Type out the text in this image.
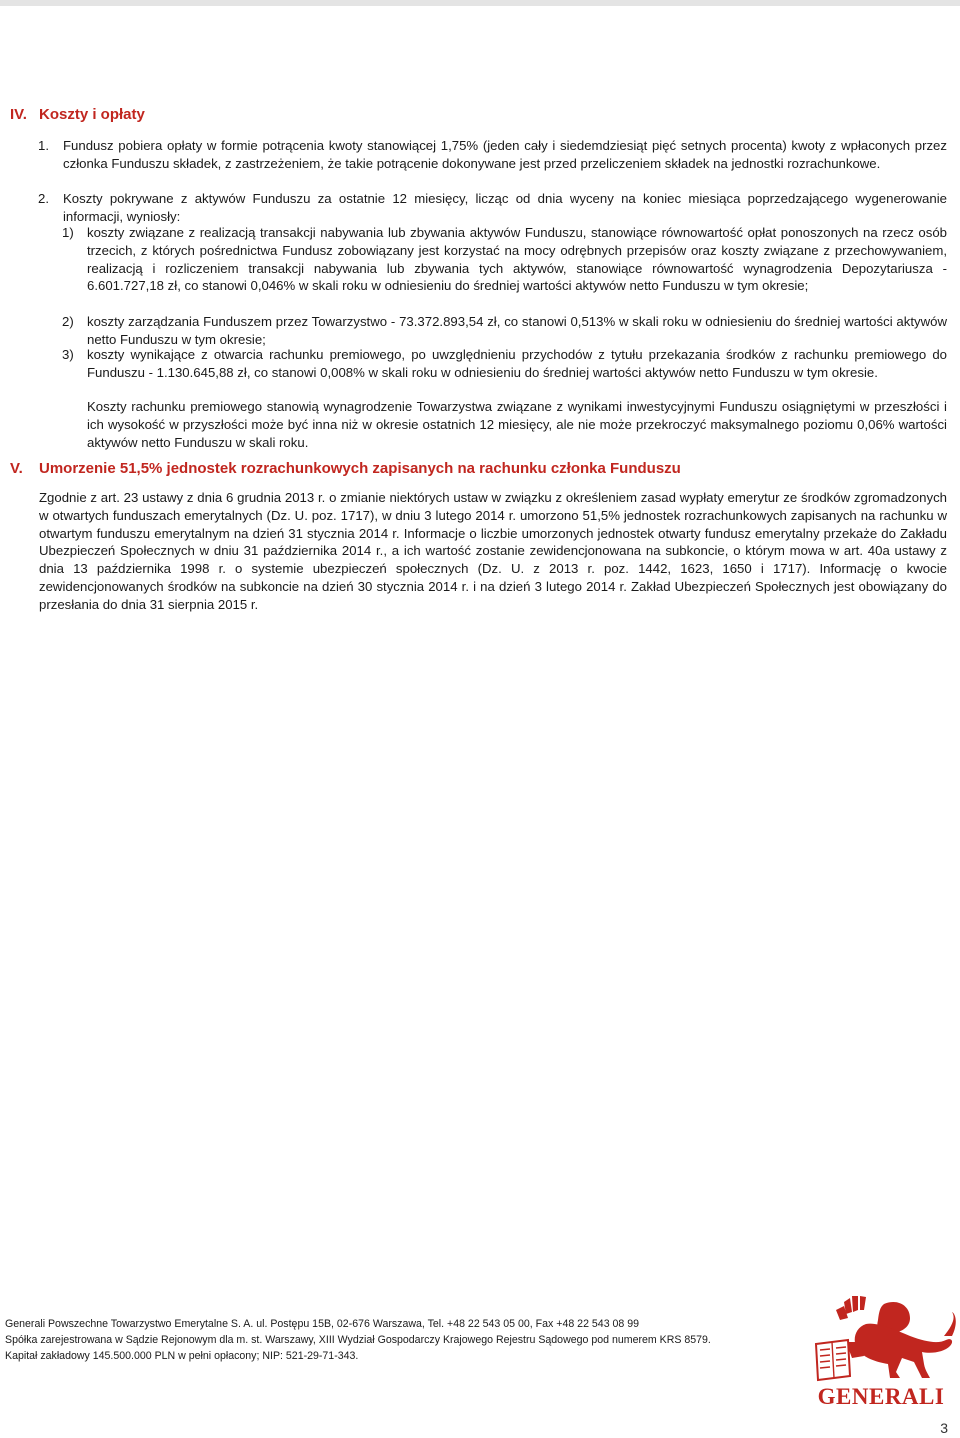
IV. Koszty i opłaty
1. Fundusz pobiera opłaty w formie potrącenia kwoty stanowiącej 1,75% (jeden cały i siedemdziesiąt pięć setnych procenta) kwoty z wpłaconych przez członka Funduszu składek, z zastrzeżeniem, że takie potrącenie dokonywane jest przed przeliczeniem składek na jednostki rozrachunkowe.
2. Koszty pokrywane z aktywów Funduszu za ostatnie 12 miesięcy, licząc od dnia wyceny na koniec miesiąca poprzedzającego wygenerowanie informacji, wyniosły:
1) koszty związane z realizacją transakcji nabywania lub zbywania aktywów Funduszu, stanowiące równowartość opłat ponoszonych na rzecz osób trzecich, z których pośrednictwa Fundusz zobowiązany jest korzystać na mocy odrębnych przepisów oraz koszty związane z przechowywaniem, realizacją i rozliczeniem transakcji nabywania lub zbywania tych aktywów, stanowiące równowartość wynagrodzenia Depozytariusza - 6.601.727,18 zł, co stanowi 0,046% w skali roku w odniesieniu do średniej wartości aktywów netto Funduszu w tym okresie;
2) koszty zarządzania Funduszem przez Towarzystwo - 73.372.893,54 zł, co stanowi 0,513% w skali roku w odniesieniu do średniej wartości aktywów netto Funduszu w tym okresie;
3) koszty wynikające z otwarcia rachunku premiowego, po uwzględnieniu przychodów z tytułu przekazania środków z rachunku premiowego do Funduszu - 1.130.645,88 zł, co stanowi 0,008% w skali roku w odniesieniu do średniej wartości aktywów netto Funduszu w tym okresie.

Koszty rachunku premiowego stanowią wynagrodzenie Towarzystwa związane z wynikami inwestycyjnymi Funduszu osiągniętymi w przeszłości i ich wysokość w przyszłości może być inna niż w okresie ostatnich 12 miesięcy, ale nie może przekroczyć maksymalnego poziomu 0,06% wartości aktywów netto Funduszu w skali roku.

V. Umorzenie 51,5% jednostek rozrachunkowych zapisanych na rachunku członka Funduszu

Zgodnie z art. 23 ustawy z dnia 6 grudnia 2013 r. o zmianie niektórych ustaw w związku z określeniem zasad wypłaty emerytur ze środków zgromadzonych w otwartych funduszach emerytalnych (Dz. U. poz. 1717), w dniu 3 lutego 2014 r. umorzono 51,5% jednostek rozrachunkowych zapisanych na rachunku w otwartym funduszu emerytalnym na dzień 31 stycznia 2014 r. Informacje o liczbie umorzonych jednostek otwarty fundusz emerytalny przekaże do Zakładu Ubezpieczeń Społecznych w dniu 31 października 2014 r., a ich wartość zostanie zewidencjonowana na subkoncie, o którym mowa w art. 40a ustawy z dnia 13 października 1998 r. o systemie ubezpieczeń społecznych (Dz. U. z 2013 r. poz. 1442, 1623, 1650 i 1717). Informację o kwocie zewidencjonowanych środków na subkoncie na dzień 30 stycznia 2014 r. i na dzień 3 lutego 2014 r. Zakład Ubezpieczeń Społecznych jest obowiązany do przesłania do dnia 31 sierpnia 2015 r.

Generali Powszechne Towarzystwo Emerytalne S. A. ul. Postępu 15B, 02-676 Warszawa, Tel. +48 22 543 05 00, Fax +48 22 543 08 99
Spółka zarejestrowana w Sądzie Rejonowym dla m. st. Warszawy, XIII Wydział Gospodarczy Krajowego Rejestru Sądowego pod numerem KRS 8579.
Kapitał zakładowy 145.500.000 PLN w pełni opłacony; NIP: 521-29-71-343.
GENERALI
3
